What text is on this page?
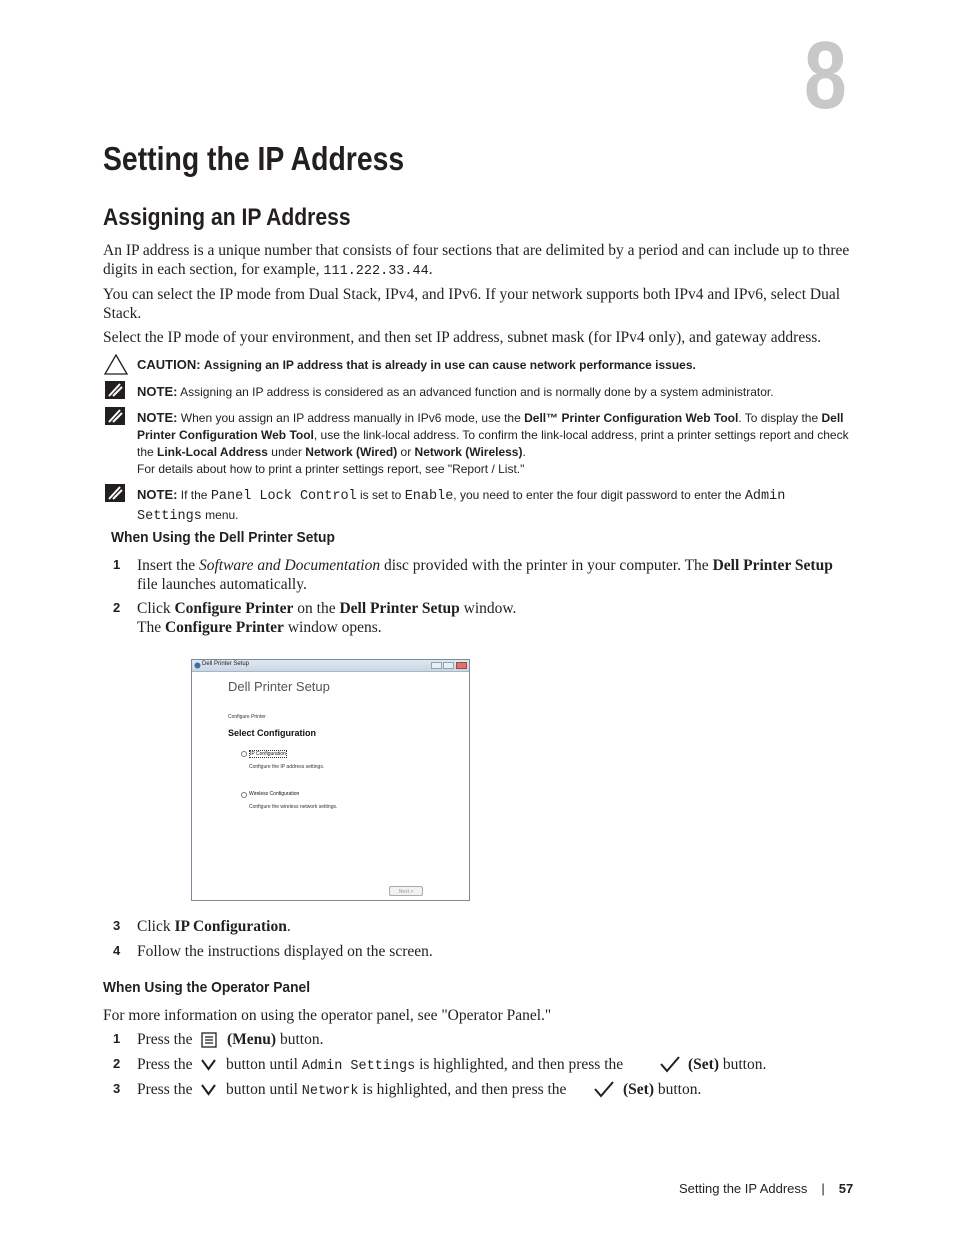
8
Setting the IP Address
Assigning an IP Address
An IP address is a unique number that consists of four sections that are delimited by a period and can include up to three digits in each section, for example, 111.222.33.44.
You can select the IP mode from Dual Stack, IPv4, and IPv6. If your network supports both IPv4 and IPv6, select Dual Stack.
Select the IP mode of your environment, and then set IP address, subnet mask (for IPv4 only), and gateway address.
CAUTION: Assigning an IP address that is already in use can cause network performance issues.
NOTE: Assigning an IP address is considered as an advanced function and is normally done by a system administrator.
NOTE: When you assign an IP address manually in IPv6 mode, use the Dell™ Printer Configuration Web Tool. To display the Dell Printer Configuration Web Tool, use the link-local address. To confirm the link-local address, print a printer settings report and check the Link-Local Address under Network (Wired) or Network (Wireless).
For details about how to print a printer settings report, see "Report / List."
NOTE: If the Panel Lock Control is set to Enable, you need to enter the four digit password to enter the Admin Settings menu.
When Using the Dell Printer Setup
1 Insert the Software and Documentation disc provided with the printer in your computer. The Dell Printer Setup file launches automatically.
2 Click Configure Printer on the Dell Printer Setup window.
The Configure Printer window opens.
Dell Printer Setup
Dell Printer Setup
Configure Printer
Select Configuration
IP Configuration
Configure the IP address settings.
Wireless Configuration
Configure the wireless network settings.
Next >
3 Click IP Configuration.
4 Follow the instructions displayed on the screen.
When Using the Operator Panel
For more information on using the operator panel, see "Operator Panel."
1 Press the (Menu) button.
2 Press the button until Admin Settings is highlighted, and then press the	(Set) button.
3 Press the button until Network is highlighted, and then press the	(Set) button.
Setting the IP Address | 57
